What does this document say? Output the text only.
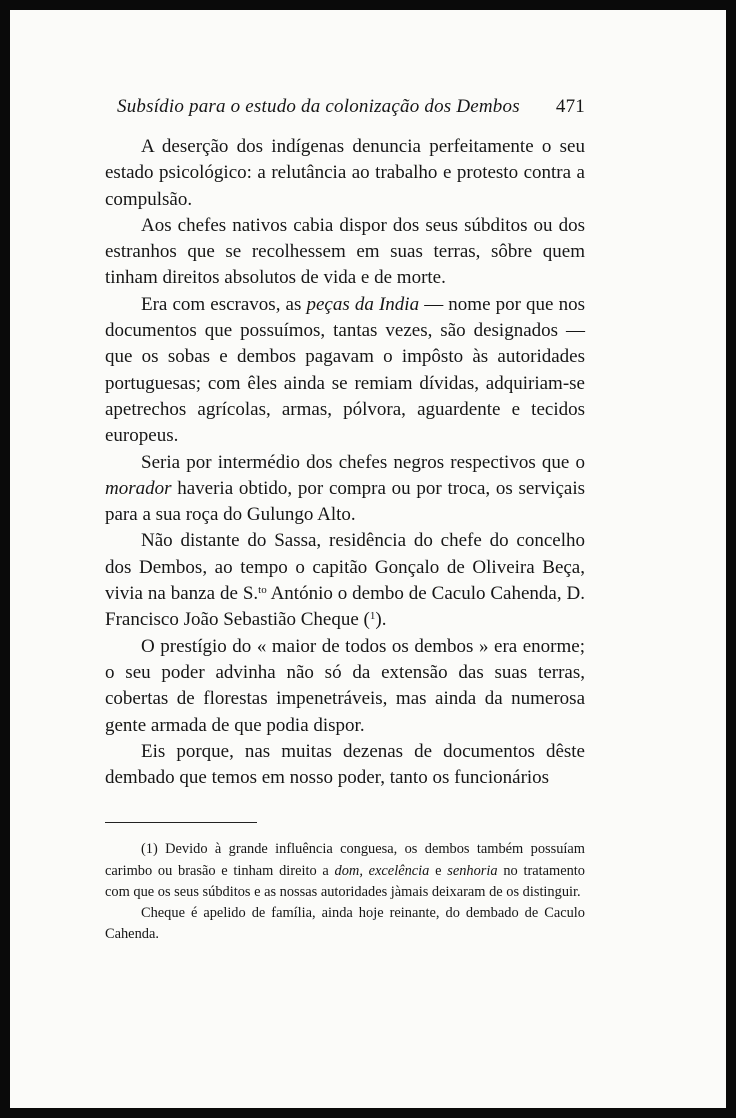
Subsídio para o estudo da colonização dos Dembos 471

A deserção dos indígenas denuncia perfeitamente o seu estado psicológico: a relutância ao trabalho e protesto contra a compulsão.

Aos chefes nativos cabia dispor dos seus súbditos ou dos estranhos que se recolhessem em suas terras, sôbre quem tinham direitos absolutos de vida e de morte.

Era com escravos, as peças da India — nome por que nos documentos que possuímos, tantas vezes, são designados — que os sobas e dembos pagavam o impôsto às autoridades portuguesas; com êles ainda se remiam dívidas, adquiriam-se apetrechos agrícolas, armas, pólvora, aguardente e tecidos europeus.

Seria por intermédio dos chefes negros respectivos que o morador haveria obtido, por compra ou por troca, os serviçais para a sua roça do Gulungo Alto.

Não distante do Sassa, residência do chefe do concelho dos Dembos, ao tempo o capitão Gonçalo de Oliveira Beça, vivia na banza de S.$^{to}$ António o dembo de Caculo Cahenda, D. Francisco João Sebastião Cheque ($^1$).

O prestígio do « maior de todos os dembos » era enorme; o seu poder advinha não só da extensão das suas terras, cobertas de florestas impenetráveis, mas ainda da numerosa gente armada de que podia dispor.

Eis porque, nas muitas dezenas de documentos dêste dembado que temos em nosso poder, tanto os funcionários

(1) Devido à grande influência conguesa, os dembos também possuíam carimbo ou brasão e tinham direito a dom, excelência e senhoria no tratamento com que os seus súbditos e as nossas autoridades jàmais deixaram de os distinguir.

Cheque é apelido de família, ainda hoje reinante, do dembado de Caculo Cahenda.
